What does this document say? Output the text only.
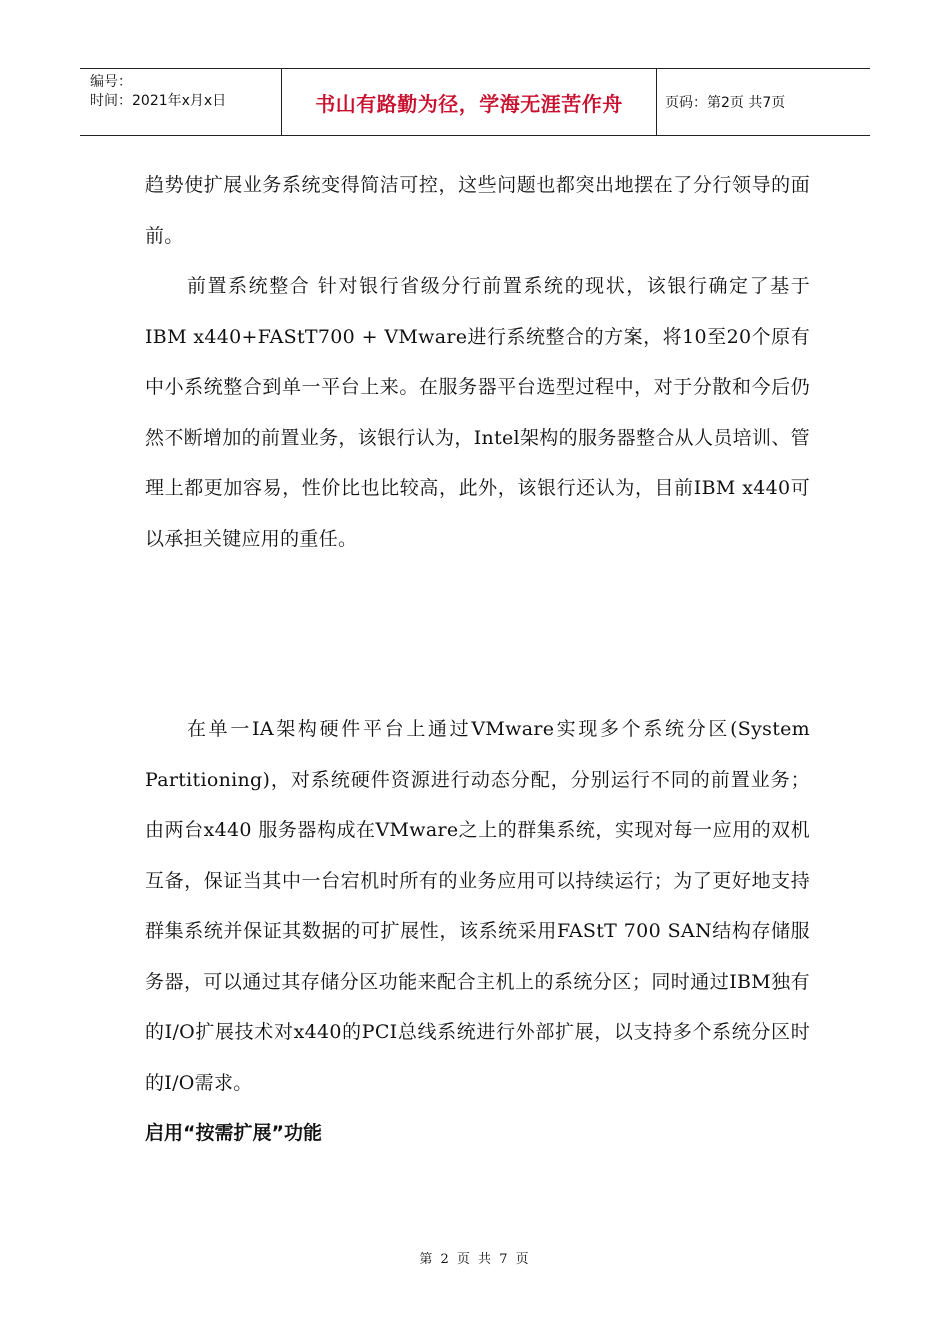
编号：
时间：2021年x月x日	书山有路勤为径，学海无涯苦作舟	页码：第2页 共7页

趋势使扩展业务系统变得简洁可控，这些问题也都突出地摆在了分行领导的面前。

前置系统整合 针对银行省级分行前置系统的现状，该银行确定了基于IBM x440+FAStT700 + VMware进行系统整合的方案，将10至20个原有中小系统整合到单一平台上来。在服务器平台选型过程中，对于分散和今后仍然不断增加的前置业务，该银行认为，Intel架构的服务器整合从人员培训、管理上都更加容易，性价比也比较高，此外，该银行还认为，目前IBM x440可以承担关键应用的重任。

在单一IA架构硬件平台上通过VMware实现多个系统分区(System Partitioning)，对系统硬件资源进行动态分配，分别运行不同的前置业务；由两台x440 服务器构成在VMware之上的群集系统，实现对每一应用的双机互备，保证当其中一台宕机时所有的业务应用可以持续运行；为了更好地支持群集系统并保证其数据的可扩展性，该系统采用FAStT 700 SAN结构存储服务器，可以通过其存储分区功能来配合主机上的系统分区；同时通过IBM独有的I/O扩展技术对x440的PCI总线系统进行外部扩展，以支持多个系统分区时的I/O需求。

启用“按需扩展”功能

第 2 页 共 7 页
